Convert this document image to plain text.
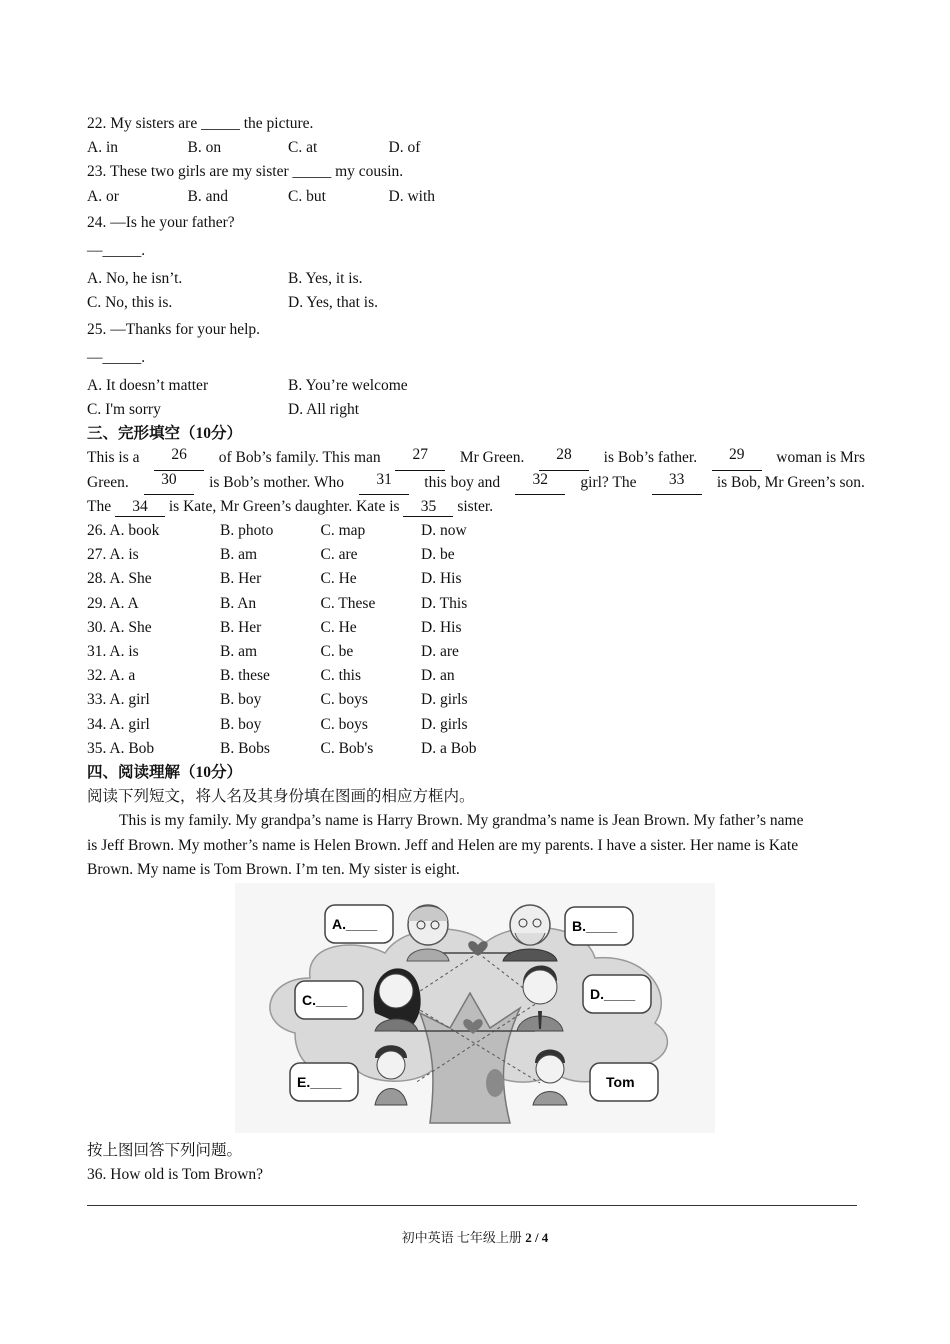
22. My sisters are _____ the picture.
A. in	B. on	C. at	D. of
23. These two girls are my sister _____ my cousin.
A. or	B. and	C. but	D. with
24. —Is he your father?
—_____.
A. No, he isn’t.	B. Yes, it is.
C. No, this is.	D. Yes, that is.
25. —Thanks for your help.
—_____.
A. It doesn’t matter	B. You’re welcome
C. I'm sorry	D. All right
三、完形填空（10分）
This is a	26	of Bob’s family. This man	27	Mr Green.	28	is Bob’s father.	29	woman is Mrs
Green.	30	is Bob’s mother. Who	31	this boy and	32	girl? The	33	is Bob, Mr Green’s son.
The 34 is Kate, Mr Green’s daughter. Kate is 35 sister.
26. A. book	B. photo	C. map	D. now
27. A. is	B. am	C. are	D. be
28. A. She	B. Her	C. He	D. His
29. A. A	B. An	C. These	D. This
30. A. She	B. Her	C. He	D. His
31. A. is	B. am	C. be	D. are
32. A. a	B. these	C. this	D. an
33. A. girl	B. boy	C. boys	D. girls
34. A. girl	B. boy	C. boys	D. girls
35. A. Bob	B. Bobs	C. Bob's	D. a Bob
四、阅读理解（10分）
阅读下列短文，将人名及其身份填在图画的相应方框内。
This is my family. My grandpa’s name is Harry Brown. My grandma’s name is Jean Brown. My father’s name
is Jeff Brown. My mother’s name is Helen Brown. Jeff and Helen are my parents. I have a sister. Her name is Kate
Brown. My name is Tom Brown. I’m ten. My sister is eight.
A.____	B.____
C.____	D.____
E.____	Tom
按上图回答下列问题。
36. How old is Tom Brown?
初中英语 七年级上册 2 / 4
